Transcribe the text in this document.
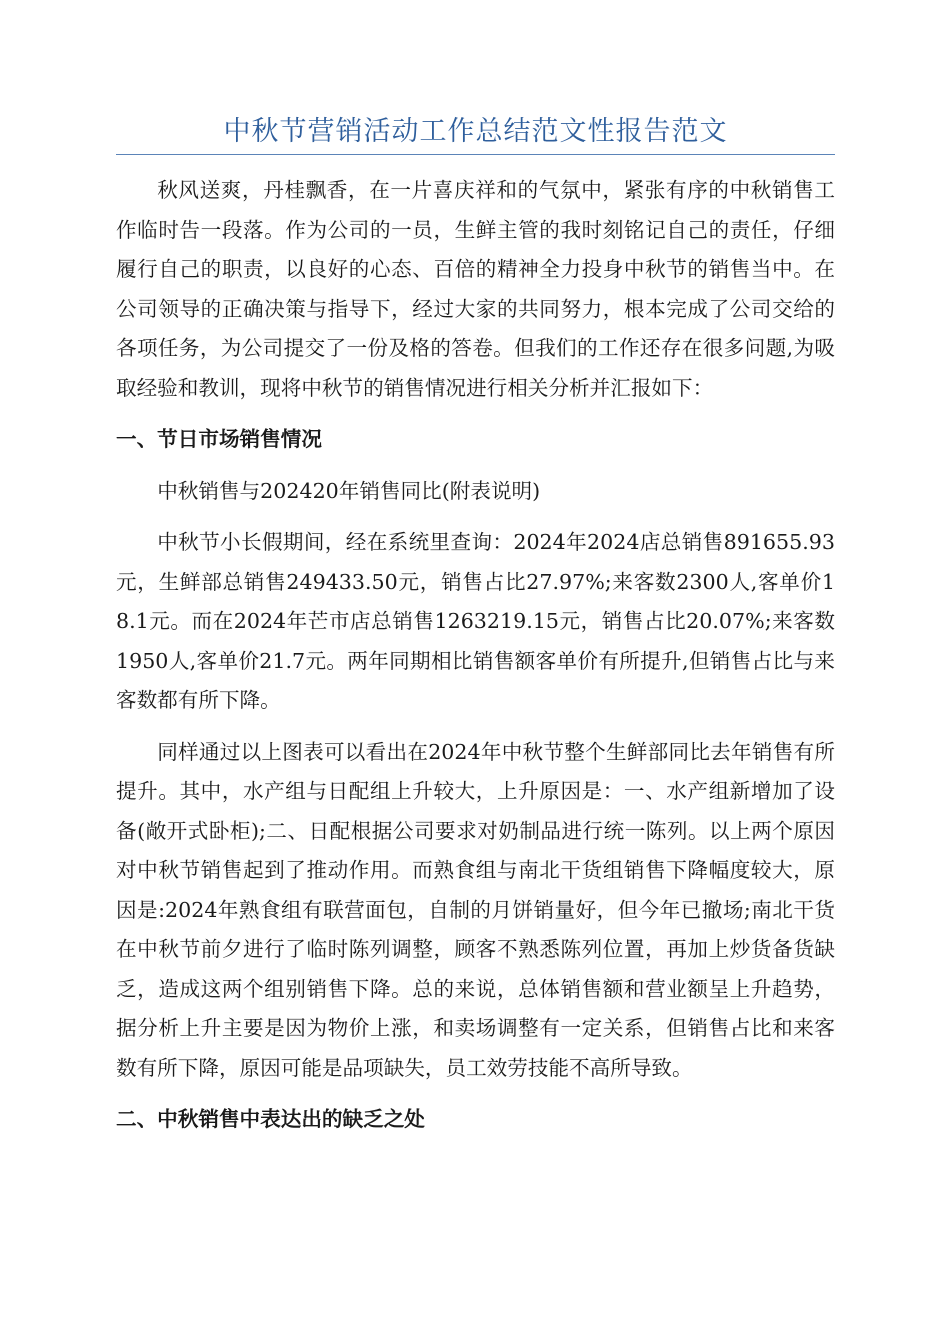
中秋节营销活动工作总结范文性报告范文

秋风送爽，丹桂飘香，在一片喜庆祥和的气氛中，紧张有序的中秋销售工作临时告一段落。作为公司的一员，生鲜主管的我时刻铭记自己的责任，仔细履行自己的职责，以良好的心态、百倍的精神全力投身中秋节的销售当中。在公司领导的正确决策与指导下，经过大家的共同努力，根本完成了公司交给的各项任务，为公司提交了一份及格的答卷。但我们的工作还存在很多问题,为吸取经验和教训，现将中秋节的销售情况进行相关分析并汇报如下：

一、节日市场销售情况

中秋销售与202420年销售同比(附表说明)

中秋节小长假期间，经在系统里查询：2024年2024店总销售891655.93元，生鲜部总销售249433.50元，销售占比27.97%;来客数2300人,客单价18.1元。而在2024年芒市店总销售1263219.15元，销售占比20.07%;来客数1950人,客单价21.7元。两年同期相比销售额客单价有所提升,但销售占比与来客数都有所下降。

同样通过以上图表可以看出在2024年中秋节整个生鲜部同比去年销售有所提升。其中，水产组与日配组上升较大，上升原因是：一、水产组新增加了设备(敞开式卧柜);二、日配根据公司要求对奶制品进行统一陈列。以上两个原因对中秋节销售起到了推动作用。而熟食组与南北干货组销售下降幅度较大，原因是:2024年熟食组有联营面包，自制的月饼销量好，但今年已撤场;南北干货在中秋节前夕进行了临时陈列调整，顾客不熟悉陈列位置，再加上炒货备货缺乏，造成这两个组别销售下降。总的来说，总体销售额和营业额呈上升趋势，据分析上升主要是因为物价上涨，和卖场调整有一定关系，但销售占比和来客数有所下降，原因可能是品项缺失，员工效劳技能不高所导致。

二、中秋销售中表达出的缺乏之处
